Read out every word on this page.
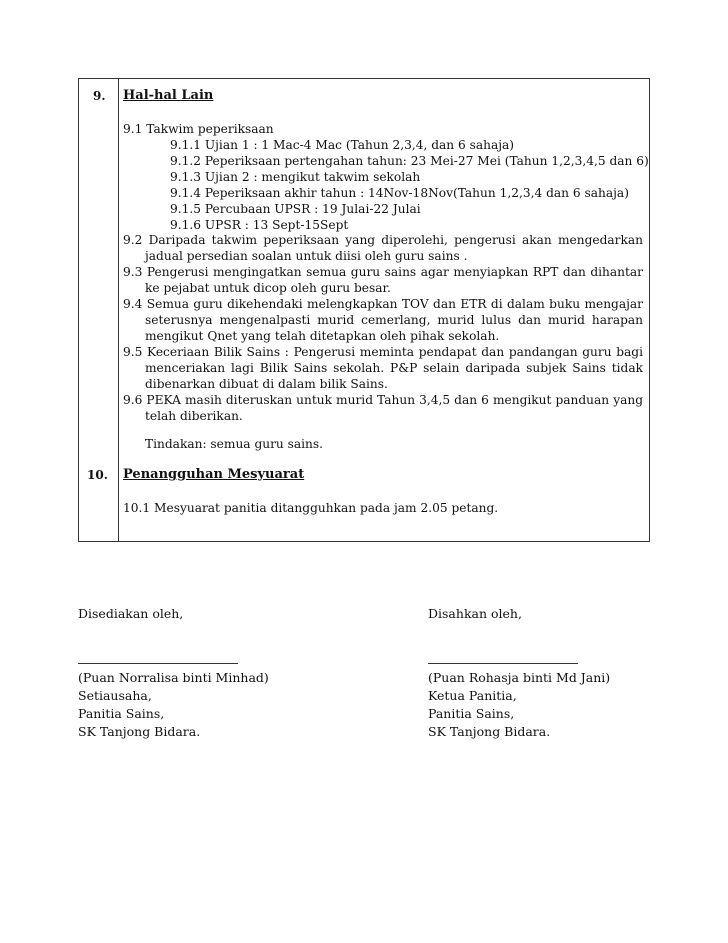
9. Hal-hal Lain
9.1 Takwim peperiksaan
9.1.1 Ujian 1 : 1 Mac-4 Mac (Tahun 2,3,4, dan 6 sahaja)
9.1.2 Peperiksaan pertengahan tahun: 23 Mei-27 Mei (Tahun 1,2,3,4,5 dan 6)
9.1.3 Ujian 2 : mengikut takwim sekolah
9.1.4 Peperiksaan akhir tahun : 14Nov-18Nov(Tahun 1,2,3,4 dan 6 sahaja)
9.1.5 Percubaan UPSR : 19 Julai-22 Julai
9.1.6 UPSR : 13 Sept-15Sept
9.2 Daripada takwim peperiksaan yang diperolehi, pengerusi akan mengedarkan
jadual persedian soalan untuk diisi oleh guru sains .
9.3 Pengerusi mengingatkan semua guru sains agar menyiapkan RPT dan dihantar
ke pejabat untuk dicop oleh guru besar.
9.4 Semua guru dikehendaki melengkapkan TOV dan ETR di dalam buku mengajar
seterusnya mengenalpasti murid cemerlang, murid lulus dan murid harapan
mengikut Qnet yang telah ditetapkan oleh pihak sekolah.
9.5 Keceriaan Bilik Sains : Pengerusi meminta pendapat dan pandangan guru bagi
menceriakan lagi Bilik Sains sekolah. P&P selain daripada subjek Sains tidak
dibenarkan dibuat di dalam bilik Sains.
9.6 PEKA masih diteruskan untuk murid Tahun 3,4,5 dan 6 mengikut panduan yang
telah diberikan.
Tindakan: semua guru sains.
10. Penangguhan Mesyuarat
10.1 Mesyuarat panitia ditangguhkan pada jam 2.05 petang.
Disediakan oleh,
(Puan Norralisa binti Minhad)
Setiausaha,
Panitia Sains,
SK Tanjong Bidara.
Disahkan oleh,
(Puan Rohasja binti Md Jani)
Ketua Panitia,
Panitia Sains,
SK Tanjong Bidara.
